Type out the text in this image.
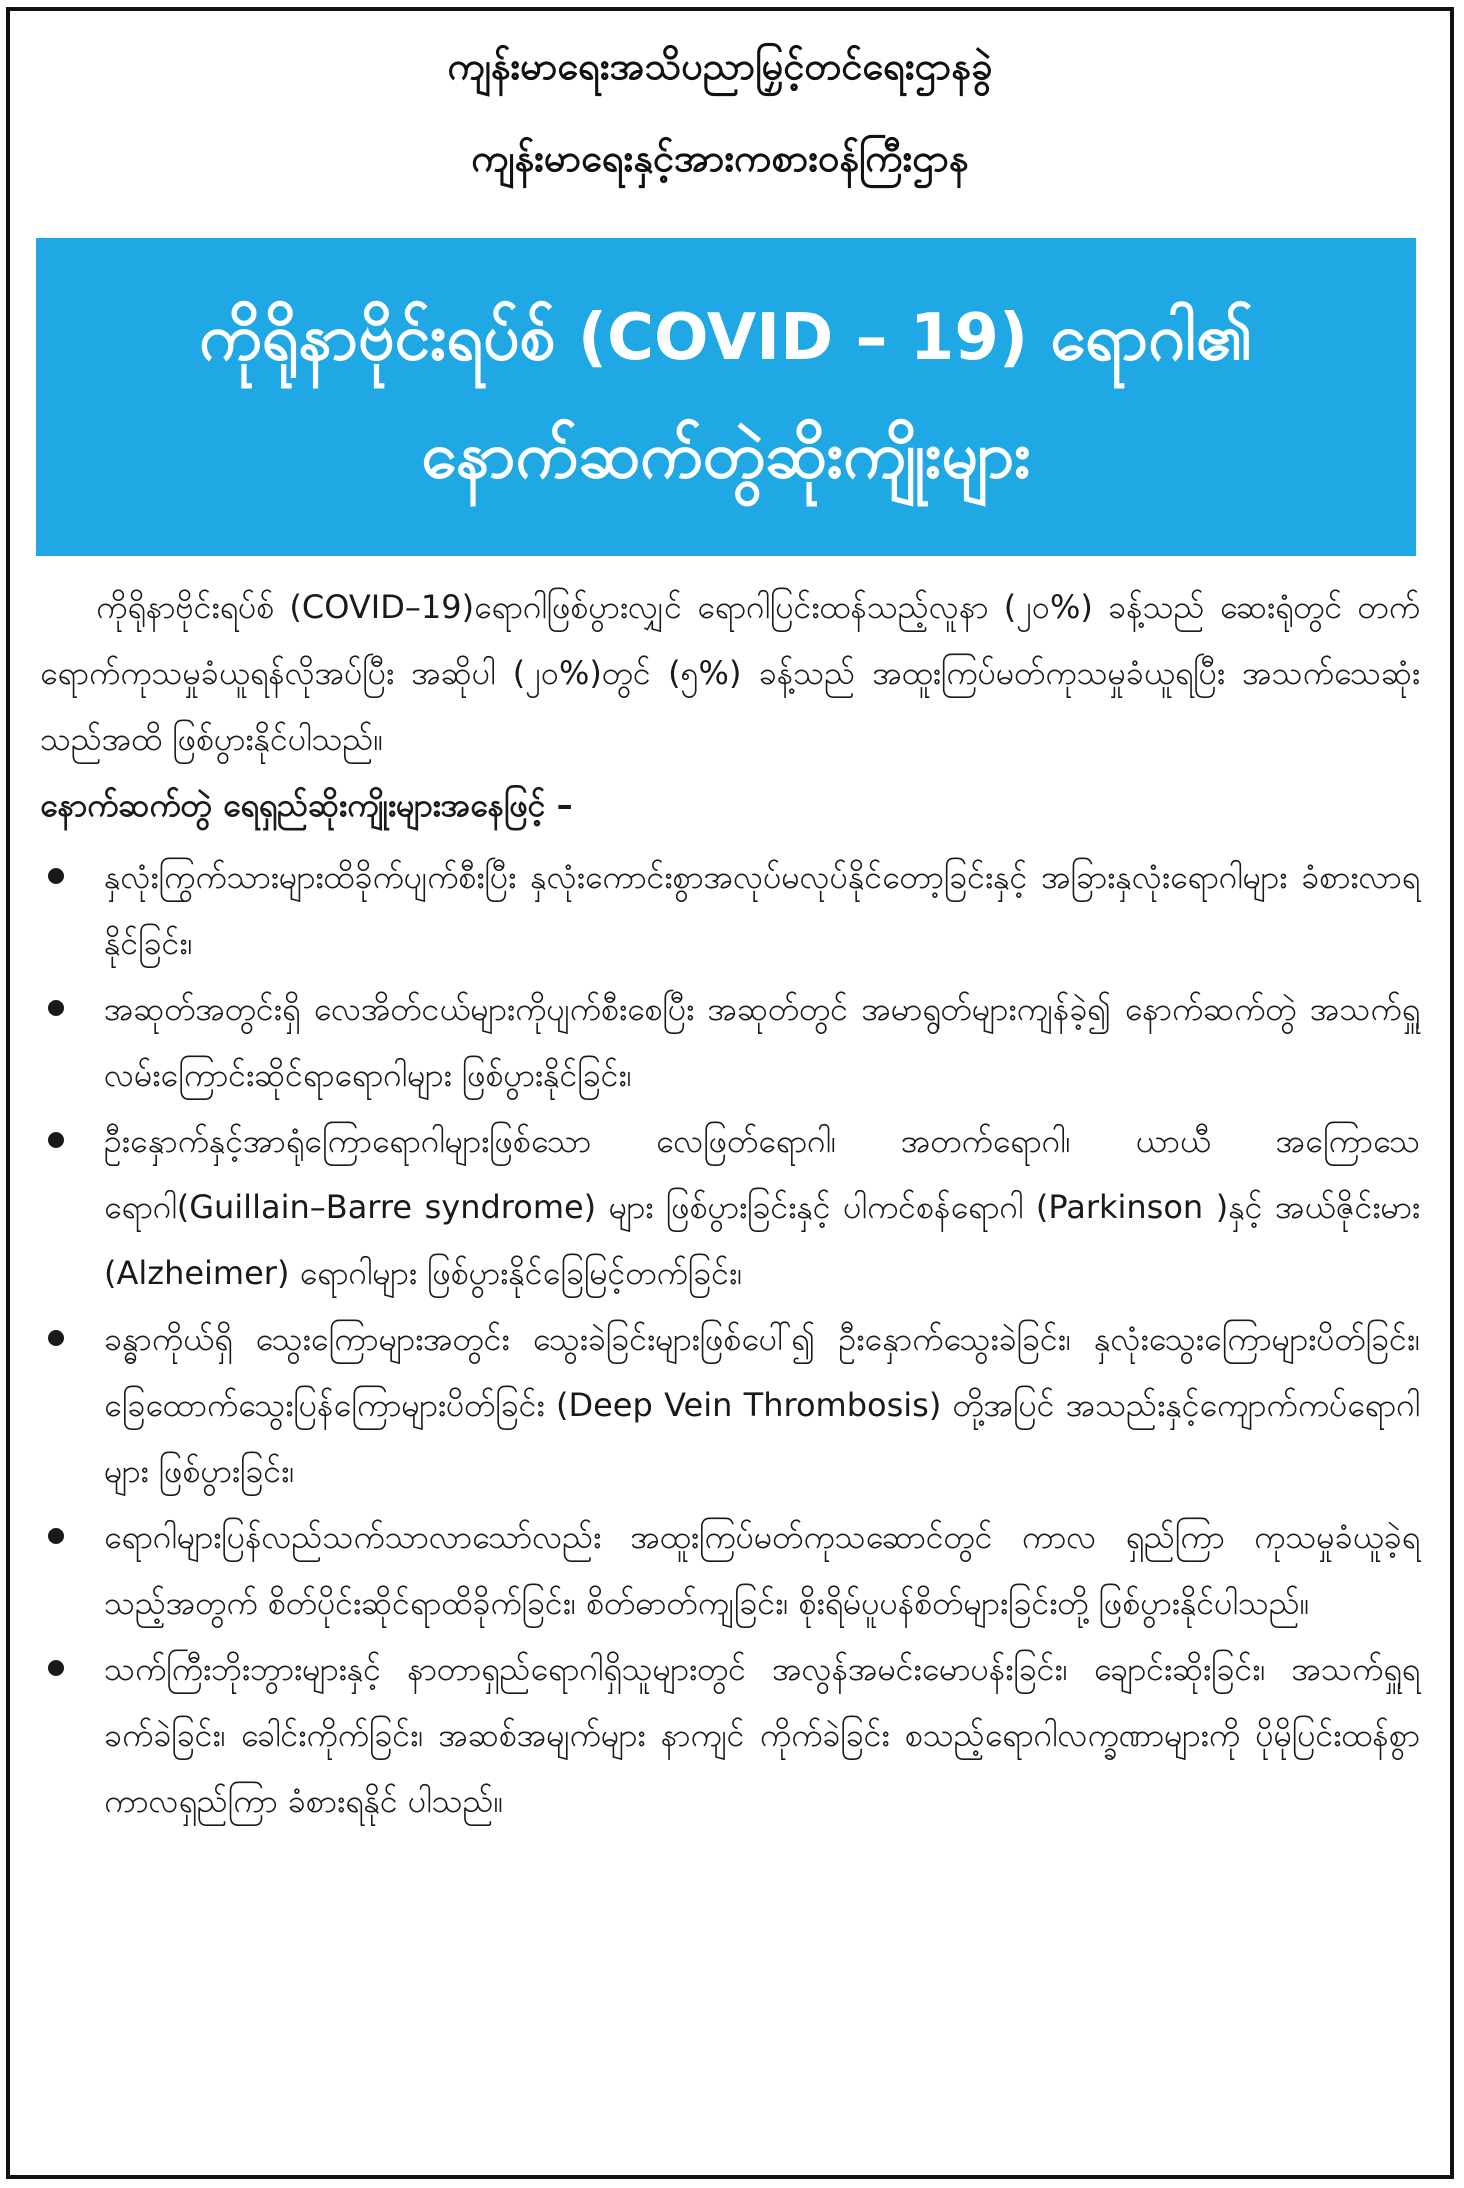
ကျန်းမာရေးအသိပညာမြှင့်တင်ရေးဌာနခွဲ
ကျန်းမာရေးနှင့်အားကစားဝန်ကြီးဌာန
ကိုရိုနာဗိုင်းရပ်စ် (COVID – 19) ရောဂါ၏
နောက်ဆက်တွဲဆိုးကျိုးများ

ကိုရိုနာဗိုင်းရပ်စ် (COVID–19)ရောဂါဖြစ်ပွားလျှင် ရောဂါပြင်းထန်သည့်လူနာ (၂၀%) ခန့်သည် ဆေးရုံတွင် တက်ရောက်ကုသမှုခံယူရန်လိုအပ်ပြီး အဆိုပါ (၂၀%)တွင် (၅%) ခန့်သည် အထူးကြပ်မတ်ကုသမှုခံယူရပြီး အသက်သေဆုံးသည်အထိ ဖြစ်ပွားနိုင်ပါသည်။

နောက်ဆက်တွဲ ရေရှည်ဆိုးကျိုးများအနေဖြင့် –

နှလုံးကြွက်သားများထိခိုက်ပျက်စီးပြီး နှလုံးကောင်းစွာအလုပ်မလုပ်နိုင်တော့ခြင်းနှင့် အခြားနှလုံးရောဂါများ ခံစားလာရနိုင်ခြင်း၊
အဆုတ်အတွင်းရှိ လေအိတ်ငယ်များကိုပျက်စီးစေပြီး အဆုတ်တွင် အမာရွတ်များကျန်ခဲ့၍ နောက်ဆက်တွဲ အသက်ရှူလမ်းကြောင်းဆိုင်ရာရောဂါများ ဖြစ်ပွားနိုင်ခြင်း၊
ဦးနှောက်နှင့်အာရုံကြောရောဂါများဖြစ်သော လေဖြတ်ရောဂါ၊ အတက်ရောဂါ၊ ယာယီ အကြောသေရောဂါ(Guillain–Barre syndrome) များ ဖြစ်ပွားခြင်းနှင့် ပါကင်စန်ရောဂါ (Parkinson )နှင့် အယ်ဇိုင်းမား (Alzheimer) ရောဂါများ ဖြစ်ပွားနိုင်ခြေမြင့်တက်ခြင်း၊
ခန္ဓာကိုယ်ရှိ သွေးကြောများအတွင်း သွေးခဲခြင်းများဖြစ်ပေါ်၍ ဦးနှောက်သွေးခဲခြင်း၊ နှလုံးသွေးကြောများပိတ်ခြင်း၊ ခြေထောက်သွေးပြန်ကြောများပိတ်ခြင်း (Deep Vein Thrombosis) တို့အပြင် အသည်းနှင့်ကျောက်ကပ်ရောဂါများ ဖြစ်ပွားခြင်း၊
ရောဂါများပြန်လည်သက်သာလာသော်လည်း အထူးကြပ်မတ်ကုသဆောင်တွင် ကာလ ရှည်ကြာ ကုသမှုခံယူခဲ့ရသည့်အတွက် စိတ်ပိုင်းဆိုင်ရာထိခိုက်ခြင်း၊ စိတ်ဓာတ်ကျခြင်း၊ စိုးရိမ်ပူပန်စိတ်များခြင်းတို့ ဖြစ်ပွားနိုင်ပါသည်။
သက်ကြီးဘိုးဘွားများနှင့် နာတာရှည်ရောဂါရှိသူများတွင် အလွန်အမင်းမောပန်းခြင်း၊ ချောင်းဆိုးခြင်း၊ အသက်ရှူရခက်ခဲခြင်း၊ ခေါင်းကိုက်ခြင်း၊ အဆစ်အမျက်များ နာကျင် ကိုက်ခဲခြင်း စသည့်ရောဂါလက္ခဏာများကို ပိုမိုပြင်းထန်စွာ ကာလရှည်ကြာ ခံစားရနိုင် ပါသည်။
